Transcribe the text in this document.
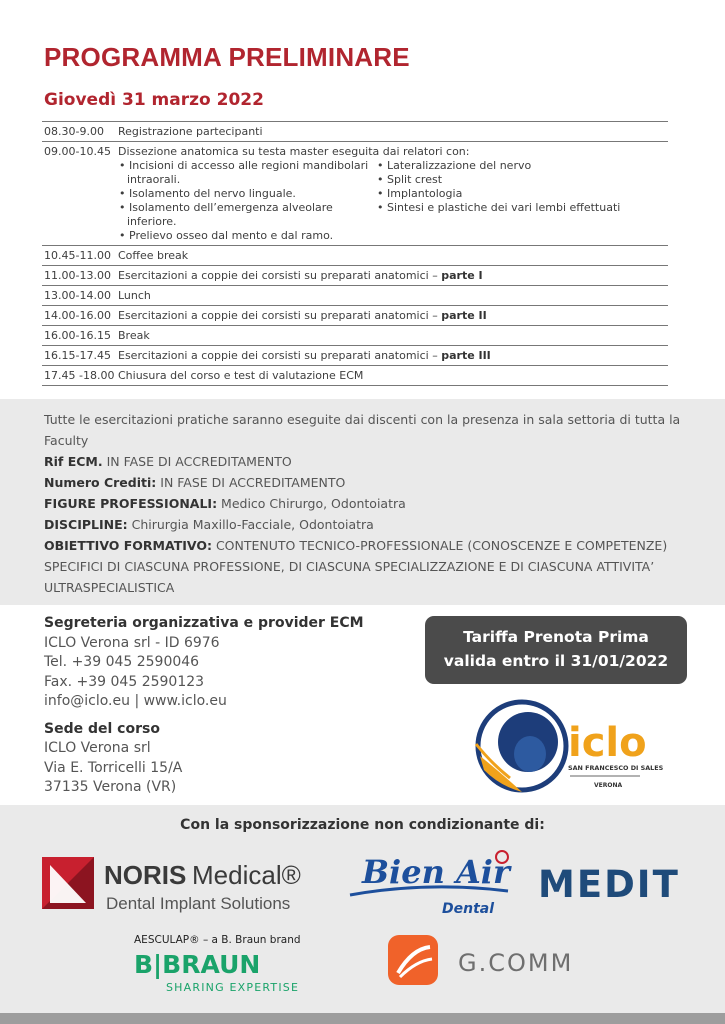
PROGRAMMA PRELIMINARE
Giovedì 31 marzo 2022
08.30-9.00	Registrazione partecipanti
09.00-10.45 Dissezione anatomica su testa master eseguita dai relatori con:
• Incisioni di accesso alle regioni mandibolari intraorali.
• Isolamento del nervo linguale.
• Isolamento dell’emergenza alveolare inferiore.
• Prelievo osseo dal mento e dal ramo.
• Lateralizzazione del nervo
• Split crest
• Implantologia
• Sintesi e plastiche dei vari lembi effettuati
10.45-11.00 Coffee break
11.00-13.00 Esercitazioni a coppie dei corsisti su preparati anatomici – parte I
13.00-14.00 Lunch
14.00-16.00 Esercitazioni a coppie dei corsisti su preparati anatomici – parte II
16.00-16.15 Break
16.15-17.45 Esercitazioni a coppie dei corsisti su preparati anatomici – parte III
17.45 -18.00 Chiusura del corso e test di valutazione ECM
Tutte le esercitazioni pratiche saranno eseguite dai discenti con la presenza in sala settoria di tutta la Faculty
Rif ECM. IN FASE DI ACCREDITAMENTO
Numero Crediti: IN FASE DI ACCREDITAMENTO
FIGURE PROFESSIONALI: Medico Chirurgo, Odontoiatra
DISCIPLINE: Chirurgia Maxillo-Facciale, Odontoiatra
OBIETTIVO FORMATIVO: CONTENUTO TECNICO-PROFESSIONALE (CONOSCENZE E COMPETENZE) SPECIFICI DI CIASCUNA PROFESSIONE, DI CIASCUNA SPECIALIZZAZIONE E DI CIASCUNA ATTIVITA’ ULTRASPECIALISTICA
Segreteria organizzativa e provider ECM
ICLO Verona srl - ID 6976
Tel. +39 045 2590046
Fax. +39 045 2590123
info@iclo.eu | www.iclo.eu
Sede del corso
ICLO Verona srl
Via E. Torricelli 15/A
37135 Verona (VR)
Tariffa Prenota Prima
valida entro il 31/01/2022
iclo
SAN FRANCESCO DI SALES
VERONA
Con la sponsorizzazione non condizionante di:
NORIS Medical®
Dental Implant Solutions
Bien Air
Dental
MEDIT
AESCULAP® – a B. Braun brand
B|BRAUN
SHARING EXPERTISE
G.COMM
